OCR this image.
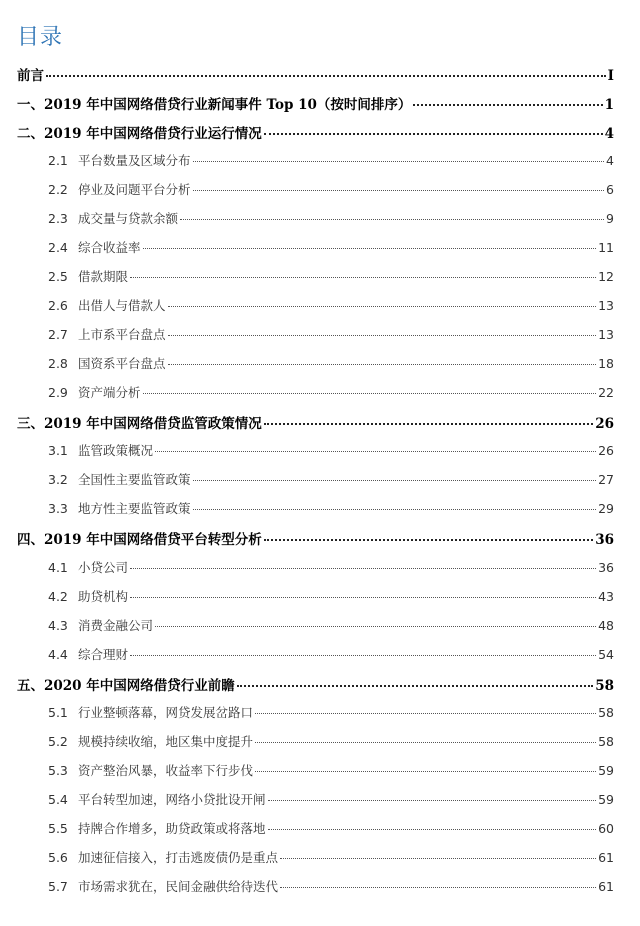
目录
前言	I
一、2019 年中国网络借贷行业新闻事件 Top 10（按时间排序）	1
二、2019 年中国网络借贷行业运行情况	4
2.1 平台数量及区域分布	4
2.2 停业及问题平台分析	6
2.3 成交量与贷款余额	9
2.4 综合收益率	11
2.5 借款期限	12
2.6 出借人与借款人	13
2.7 上市系平台盘点	13
2.8 国资系平台盘点	18
2.9 资产端分析	22
三、2019 年中国网络借贷监管政策情况	26
3.1 监管政策概况	26
3.2 全国性主要监管政策	27
3.3 地方性主要监管政策	29
四、2019 年中国网络借贷平台转型分析	36
4.1 小贷公司	36
4.2 助贷机构	43
4.3 消费金融公司	48
4.4 综合理财	54
五、2020 年中国网络借贷行业前瞻	58
5.1 行业整顿落幕，网贷发展岔路口	58
5.2 规模持续收缩，地区集中度提升	58
5.3 资产整治风暴，收益率下行步伐	59
5.4 平台转型加速，网络小贷批设开闸	59
5.5 持牌合作增多，助贷政策或将落地	60
5.6 加速征信接入，打击逃废债仍是重点	61
5.7 市场需求犹在，民间金融供给待迭代	61
